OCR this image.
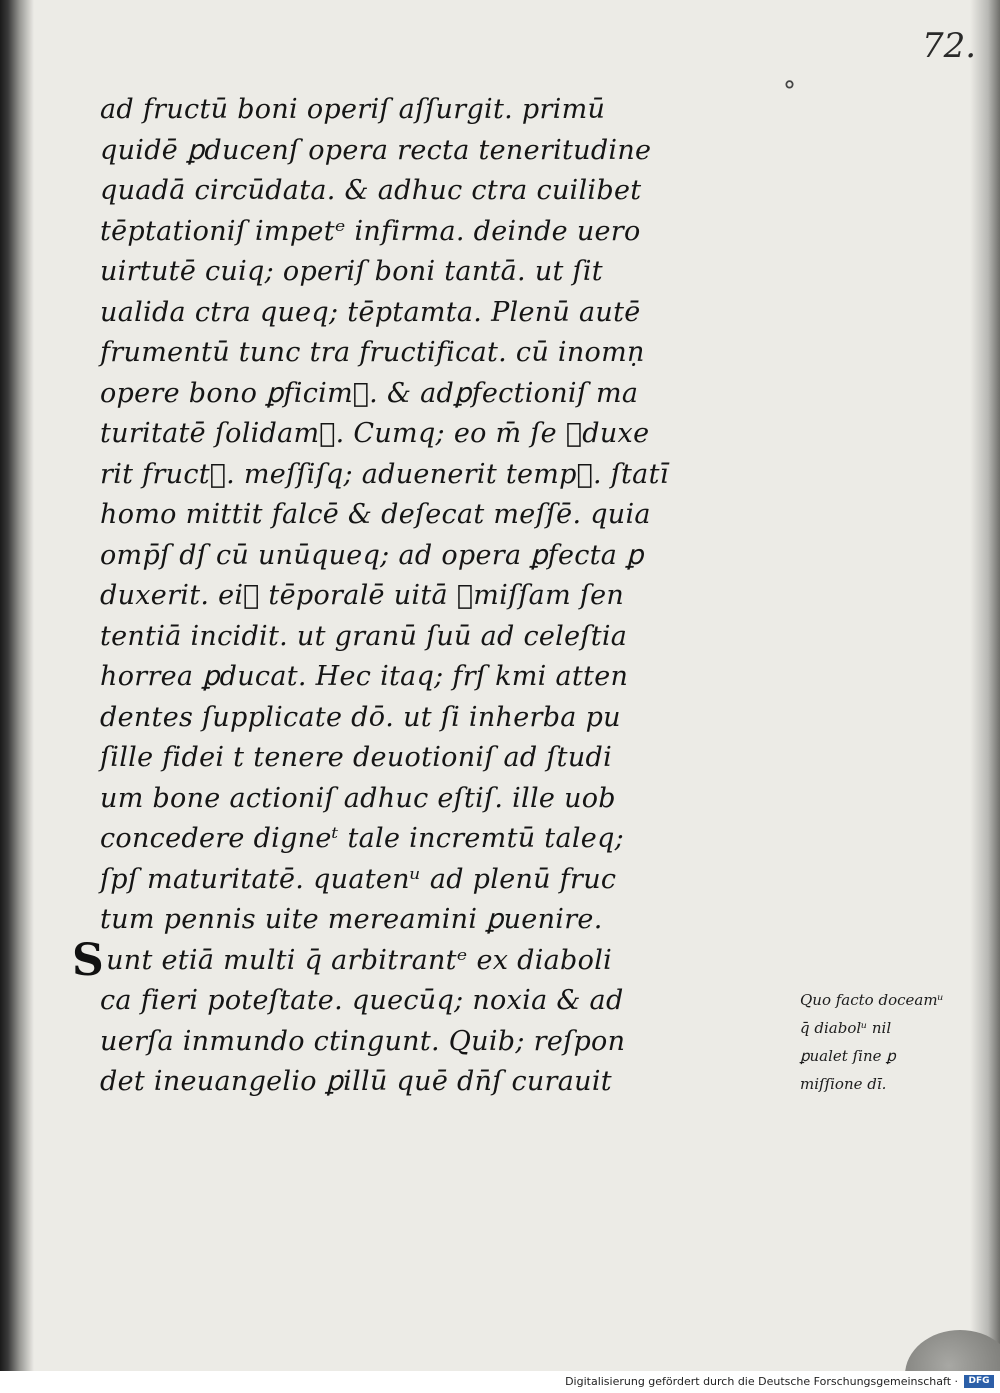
72.
°
ad fructū boni operiſ aſſurgit. primū
quidē ꝑducenſ opera recta teneritudine
quadā circūdata. & adhuc ctra cuilibet
tēptationiſ impetᵉ infirma. deinde uero
uirtutē cuiq; operiſ boni tantā. ut ſit
ualida ctra queq; tēptamta. Plenū autē
frumentū tunc tra fructificat. cū inomṇ
opere bono ꝑficim᷑. & adꝑfectioniſ ma
turitatē ſolidam᷑. Cumq; eo m̄ ſe ꝑduxe
rit fruct᷑. meſſiſq; aduenerit temp᷑. ſtatī
homo mittit falcē & deſecat meſſē. quia
omp̄ſ dſ cū unūqueq; ad opera ꝑfecta ꝑ
duxerit. ei᷑ tēporalē uitā ꝑmiſſam ſen
tentiā incidit. ut granū ſuū ad celeſtia
horrea ꝑducat. Hec itaq; frſ kmi atten
dentes ſupplicate dō. ut ſi inherba pu
ſille fidei t tenere deuotioniſ ad ſtudi
um bone actioniſ adhuc eſtiſ. ille uob
concedere digneᵗ tale incremtū taleq;
ſpſ maturitatē. quatenᵘ ad plenū fruc
tum pennis uite mereamini ꝑuenire.
Sunt etiā multi q̄ arbitrantᵉ ex diaboli
ca fieri poteſtate. quecūq; noxia & ad
uerſa inmundo ctingunt. Quib; reſpon
det ineuangelio ꝑillū quē dn̄ſ curauit
Quo facto doceamᵘ
q̄ diabolᵘ nil
ꝑualet ſine ꝑ
miſſione dī.
Digitalisierung gefördert durch die Deutsche Forschungsgemeinschaft ·	DFG
